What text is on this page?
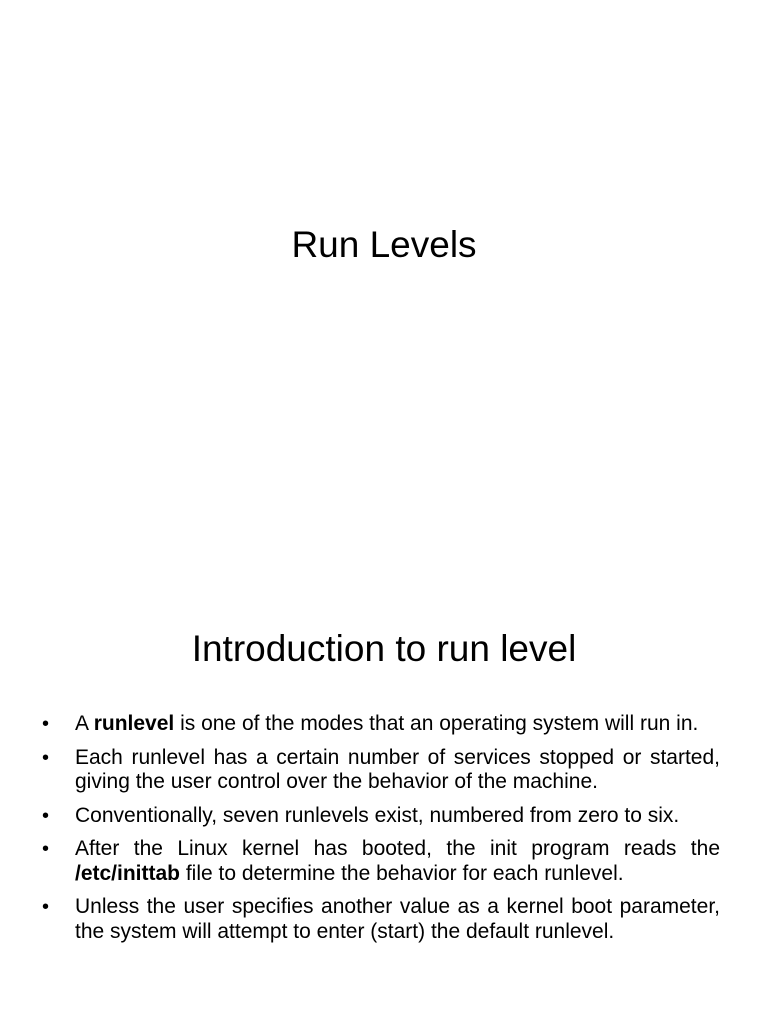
Run Levels
Introduction to run level
• A runlevel is one of the modes that an operating system will run in.
• Each runlevel has a certain number of services stopped or started, giving the user control over the behavior of the machine.
• Conventionally, seven runlevels exist, numbered from zero to six.
• After the Linux kernel has booted, the init program reads the /etc/inittab file to determine the behavior for each runlevel.
• Unless the user specifies another value as a kernel boot parameter, the system will attempt to enter (start) the default runlevel.
